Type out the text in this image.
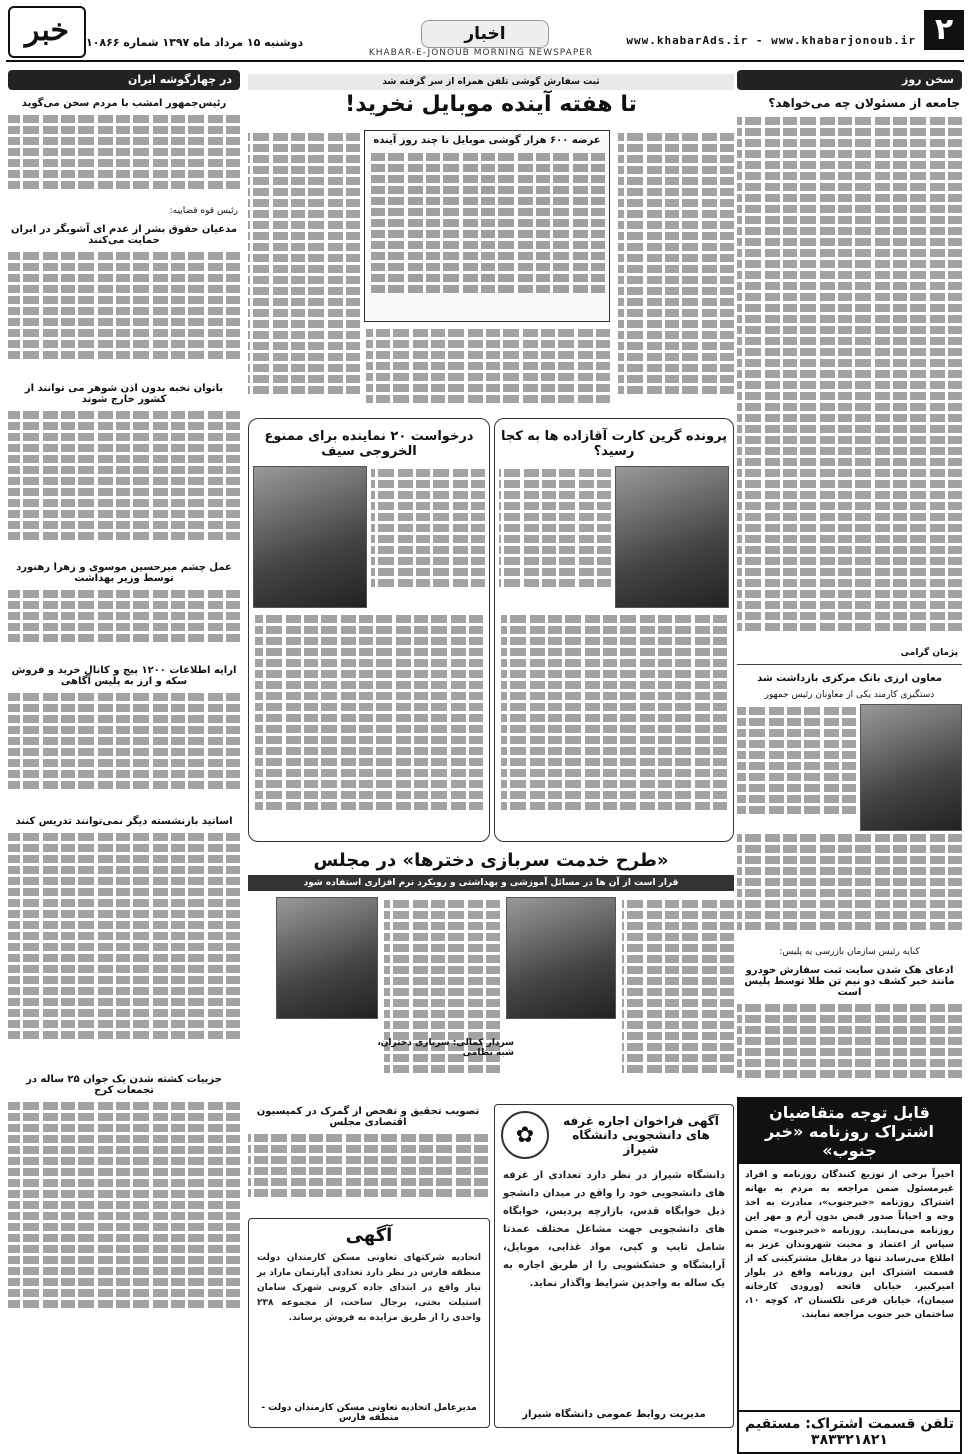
۲
www.khabarAds.ir - www.khabarjonoub.ir
اخبار
KHABAR-E-JONOUB MORNING NEWSPAPER
دوشنبه ۱۵ مرداد ماه ۱۳۹۷ شماره ۱۰۸۶۶
خبر
سخن روز
جامعه از مسئولان چه می‌خواهد؟
پژمان گرامی
معاون ارزی بانک مرکزی بازداشت شد
دستگیری کارمند یکی از معاونان رئیس جمهور
کنایه رئیس سازمان بازرسی به پلیس:
ادعای هک شدن سایت ثبت سفارش خودرو مانند خبر کشف دو نیم تن طلا توسط پلیس است
قابل توجه متقاضیان
اشتراک روزنامه «خبر جنوب»
اخیراً برخی از توزیع کنندگان روزنامه و افراد غیرمسئول ضمن مراجعه به مردم به بهانه اشتراک روزنامه «خبرجنوب»، مبادرت به اخذ وجه و احیاناً صدور قبض بدون آرم و مهر این روزنامه می‌نمایند. روزنامه «خبرجنوب» ضمن سپاس از اعتماد و محبت شهروندان عزیز به اطلاع می‌رساند تنها در مقابل مشترکینی که از قسمت اشتراک این روزنامه واقع در بلوار امیرکبیر، خیابان فاتحه (ورودی کارخانه سیمان)، خیابان فرعی تلکستان ۲، کوچه ۱۰، ساختمان خبر جنوب مراجعه نمایند.
تلفن قسمت اشتراک: مستقیم ۳۸۳۳۲۱۸۲۱
ثبت سفارش گوشی تلفن همراه از سر گرفته شد
تا هفته آینده موبایل نخرید!
عرضه ۶۰۰ هزار گوشی موبایل تا چند روز آینده
پرونده گرین کارت آقازاده ها به کجا رسید؟
درخواست ۲۰ نماینده برای ممنوع الخروجی سیف
«طرح خدمت سربازی دختر‌ها» در مجلس
قرار است از آن ها در مسائل آموزشی و بهداشتی و رویکرد نرم افزاری استفاده شود
سردار کمالی: سربازی دختران، شبه نظامی
تصویب تحقیق و تفحص از گمرک در کمیسیون اقتصادی مجلس
آگهی
اتحادیه شرکتهای تعاونی مسکن کارمندان دولت منطقه فارس در نظر دارد تعدادی آپارتمان مازاد بر نیاز واقع در ابتدای جاده کرونی شهرک سامان استیلت بختی، برجال ساخت، از مجموعه ۲۳۸ واحدی را از طریق مزایده به فروش برساند.
مدیرعامل اتحادیه تعاونی مسکن کارمندان دولت - منطقه فارس
آگهی فراخوان اجاره غرفه های دانشجویی دانشگاه شیراز
✿
دانشگاه شیراز در نظر دارد تعدادی از غرفه های دانشجویی خود را واقع در میدان دانشجو ذیل خوابگاه قدس، بازارچه پردیس، خوابگاه های دانشجویی جهت مشاغل مختلف عمدتا شامل تایپ و کپی، مواد غذایی، موبایل، آرایشگاه و خشکشویی را از طریق اجاره به یک ساله به واجدین شرایط واگذار نماید.
مدیریت روابط عمومی دانشگاه شیراز
در چهارگوشه ایران
رئیس‌جمهور امشب با مردم سخن می‌گوید
رئیس قوه قضاییه:
مدعیان حقوق بشر از عدم ای آشوبگر در ایران حمایت‌ می‌کنند
بانوان نخبه بدون اذن شوهر می توانند از کشور خارج شوند
عمل چشم میرحسین موسوی و زهرا رهنورد توسط وزیر بهداشت
ارایه اطلاعات ۱۲۰۰ پیج و کانال خرید و فروش سکه و ارز به پلیس آگاهی
اساتید بازنشسته دیگر نمی‌توانند تدریس کنند
جزییات کشته شدن یک جوان ۲۵ ساله در تجمعات کرج
